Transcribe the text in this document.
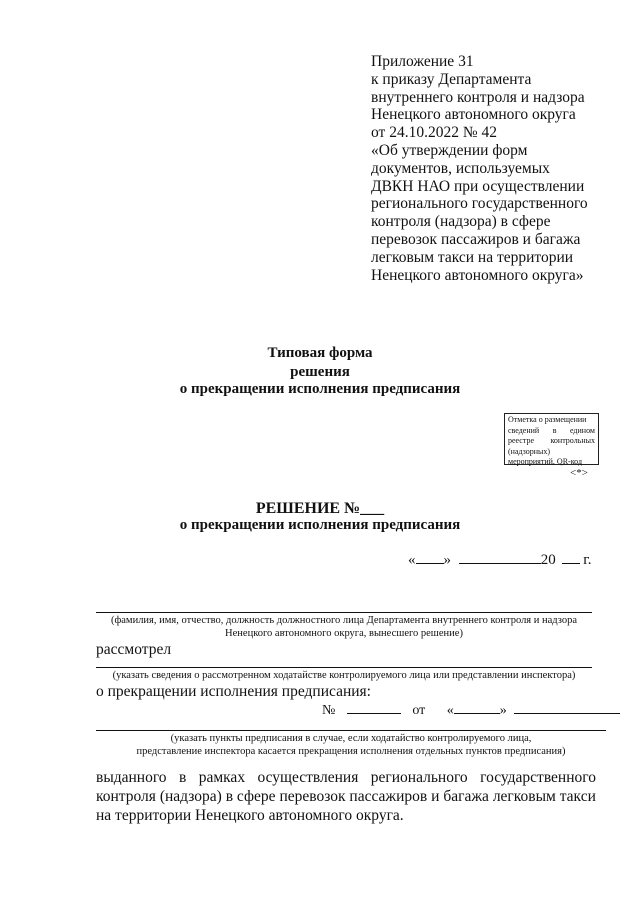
Приложение 31
к приказу Департамента
внутреннего контроля и надзора
Ненецкого автономного округа
от 24.10.2022 № 42
«Об утверждении форм
документов, используемых
ДВКН НАО при осуществлении
регионального государственного
контроля (надзора) в сфере
перевозок пассажиров и багажа
легковым такси на территории
Ненецкого автономного округа»
Типовая форма
решения
о прекращении исполнения предписания
Отметка о размещении
сведений в едином
реестре контрольных
(надзорных)
мероприятий, QR-код
<*>
РЕШЕНИЕ №___
о прекращении исполнения предписания
« »	20 г.
(фамилия, имя, отчество, должность должностного лица Департамента внутреннего контроля и надзора
Ненецкого автономного округа, вынесшего решение)
рассмотрел
(указать сведения о рассмотренном ходатайстве контролируемого лица или представлении инспектора)
о прекращении исполнения предписания:
№	от «	»
(указать пункты предписания в случае, если ходатайство контролируемого лица,
представление инспектора касается прекращения исполнения отдельных пунктов предписания)
выданного в рамках осуществления регионального государственного
контроля (надзора) в сфере перевозок пассажиров и багажа легковым такси
на территории Ненецкого автономного округа.
